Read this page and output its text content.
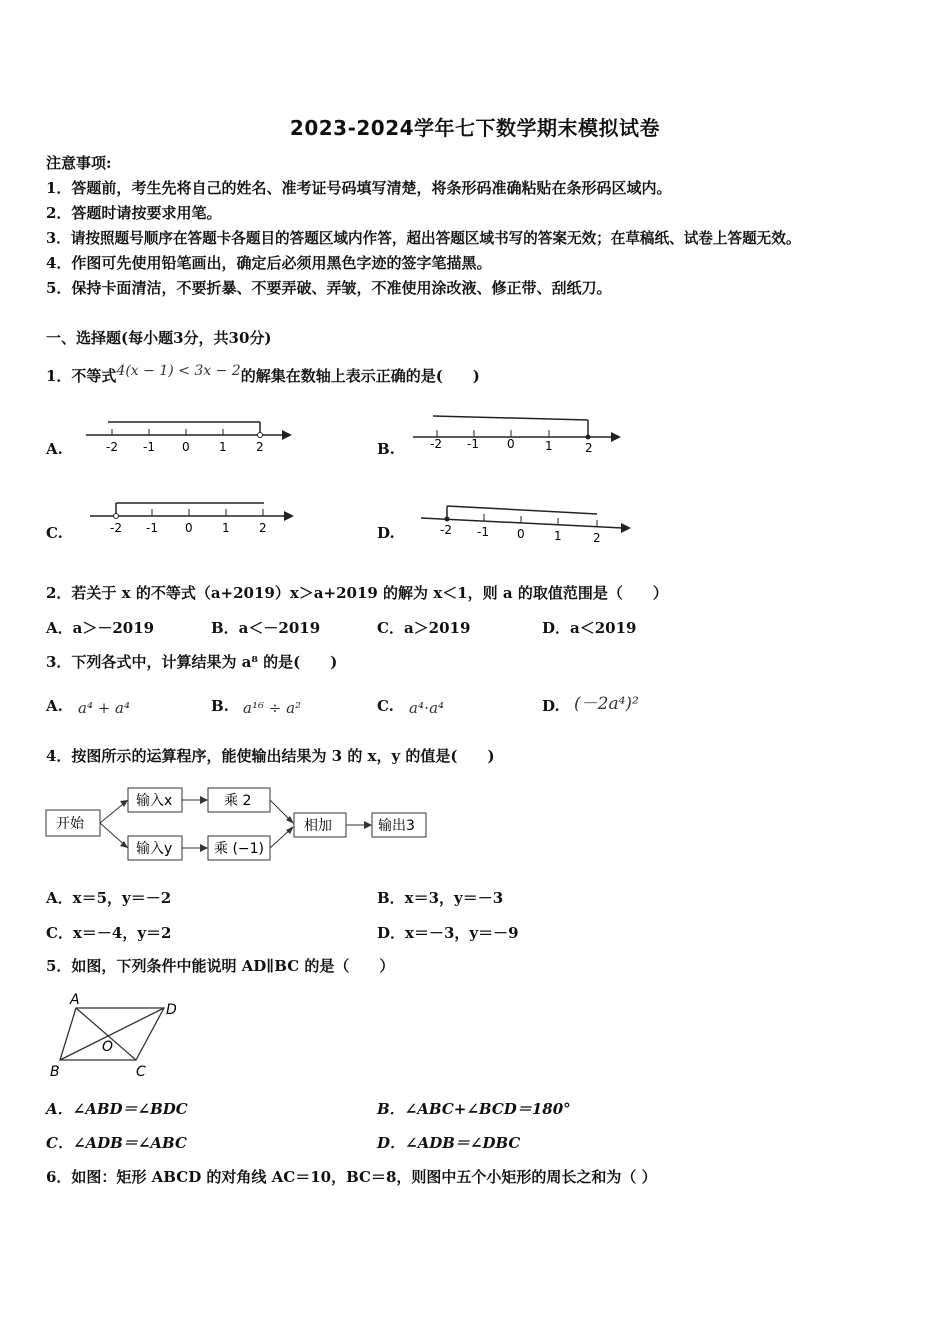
2023-2024学年七下数学期末模拟试卷
注意事项:
1．答题前，考生先将自己的姓名、准考证号码填写清楚，将条形码准确粘贴在条形码区域内。
2．答题时请按要求用笔。
3．请按照题号顺序在答题卡各题目的答题区域内作答，超出答题区域书写的答案无效；在草稿纸、试卷上答题无效。
4．作图可先使用铅笔画出，确定后必须用黑色字迹的签字笔描黑。
5．保持卡面清洁，不要折暴、不要弄破、弄皱，不准使用涂改液、修正带、刮纸刀。
一、选择题(每小题3分，共30分)
1．不等式4(x − 1) < 3x − 2的解集在数轴上表示正确的是(　　)
A.	-2 -1 0 1 2	B.	-2 -1 0	1	2
C.	-2 -1 0 1 2	D.	-2 -1 0 1	2
2．若关于 x 的不等式（a+2019）x＞a+2019 的解为 x＜1，则 a 的取值范围是（　　）
A．a＞－2019	B．a＜－2019	C．a＞2019	D．a＜2019
3．下列各式中，计算结果为 a⁸ 的是(　　)
A. a⁴ + a⁴	B. a¹⁶ ÷ a²	C. a⁴⋅a⁴	D. (－2a⁴)²
4．按图所示的运算程序，能使输出结果为 3 的 x，y 的值是(　　)
开始
输入x	乘 2
输入y	乘 (−1)
相加	输出3
A．x＝5，y＝－2	B．x＝3，y＝－3
C．x＝－4，y＝2	D．x＝－3，y＝－9
5．如图，下列条件中能说明 AD∥BC 的是（　　）
A
D
B	C
O
A．∠ABD＝∠BDC	B．∠ABC+∠BCD＝180°
C．∠ADB＝∠ABC	D．∠ADB＝∠DBC
6．如图：矩形 ABCD 的对角线 AC＝10，BC＝8，则图中五个小矩形的周长之和为（ ）
